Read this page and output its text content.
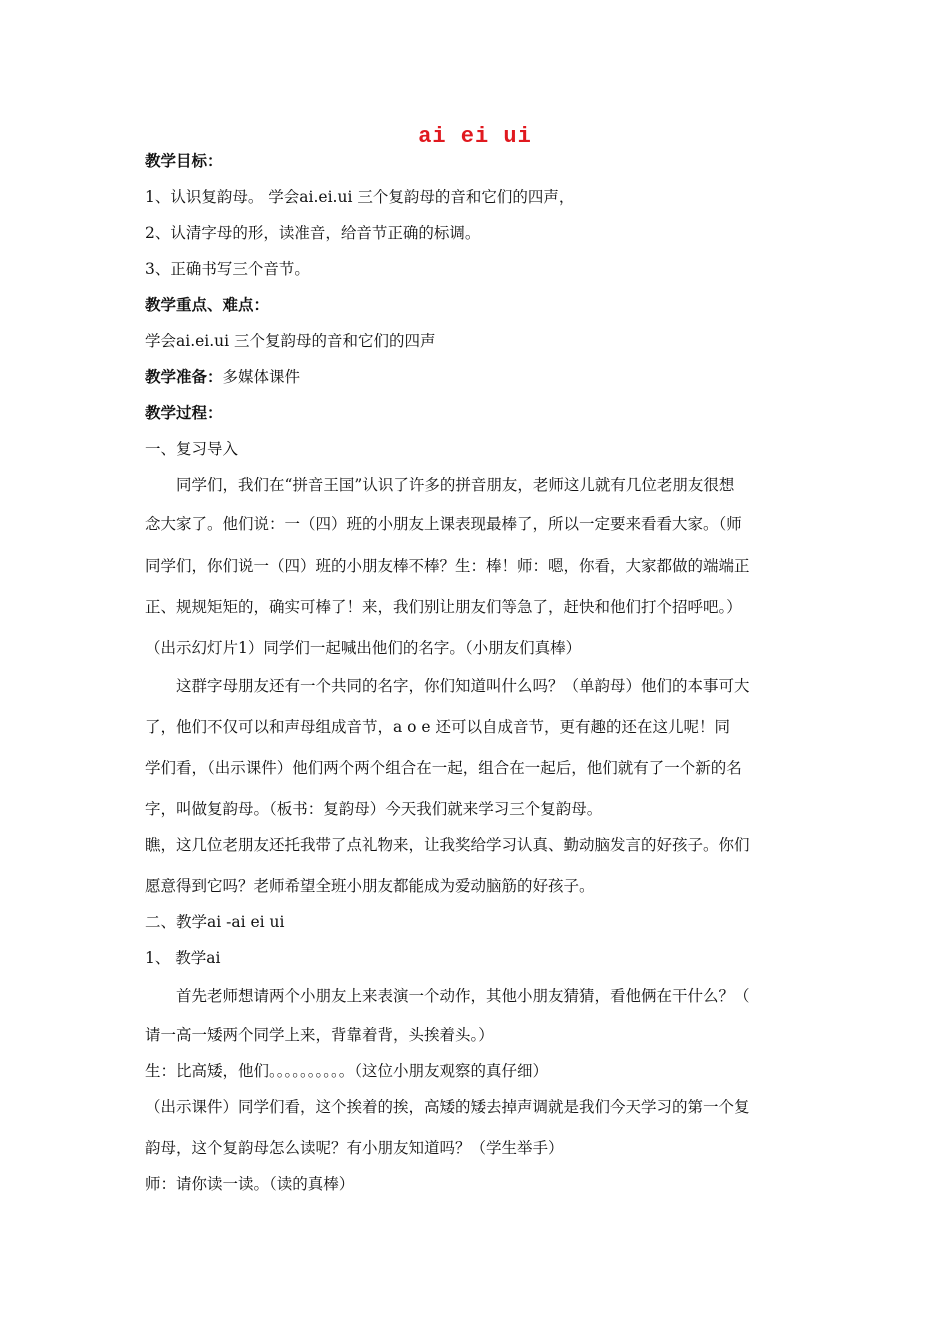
ai ei ui
教学目标：
1、认识复韵母。 学会ai.ei.ui 三个复韵母的音和它们的四声，
2、认清字母的形，读准音，给音节正确的标调。
3、正确书写三个音节。
教学重点、难点：
学会ai.ei.ui 三个复韵母的音和它们的四声
教学准备：多媒体课件
教学过程：
一、复习导入
同学们，我们在“拼音王国”认识了许多的拼音朋友，老师这儿就有几位老朋友很想
念大家了。他们说：一（四）班的小朋友上课表现最棒了，所以一定要来看看大家。（师
同学们，你们说一（四）班的小朋友棒不棒？生：棒！师：嗯，你看，大家都做的端端正
正、规规矩矩的，确实可棒了！来，我们别让朋友们等急了，赶快和他们打个招呼吧。）
（出示幻灯片1）同学们一起喊出他们的名字。（小朋友们真棒）
这群字母朋友还有一个共同的名字，你们知道叫什么吗？（单韵母）他们的本事可大
了，他们不仅可以和声母组成音节，a o e 还可以自成音节，更有趣的还在这儿呢！同
学们看，（出示课件）他们两个两个组合在一起，组合在一起后，他们就有了一个新的名
字，叫做复韵母。（板书：复韵母）今天我们就来学习三个复韵母。
瞧，这几位老朋友还托我带了点礼物来，让我奖给学习认真、勤动脑发言的好孩子。你们
愿意得到它吗？老师希望全班小朋友都能成为爱动脑筋的好孩子。
二、教学ai -ai ei ui
1、 教学ai
首先老师想请两个小朋友上来表演一个动作，其他小朋友猜猜，看他俩在干什么？（
请一高一矮两个同学上来，背靠着背，头挨着头。）
生：比高矮，他们。。。。。。。。。。（这位小朋友观察的真仔细）
（出示课件）同学们看，这个挨着的挨，高矮的矮去掉声调就是我们今天学习的第一个复
韵母，这个复韵母怎么读呢？有小朋友知道吗？（学生举手）
师：请你读一读。（读的真棒）
